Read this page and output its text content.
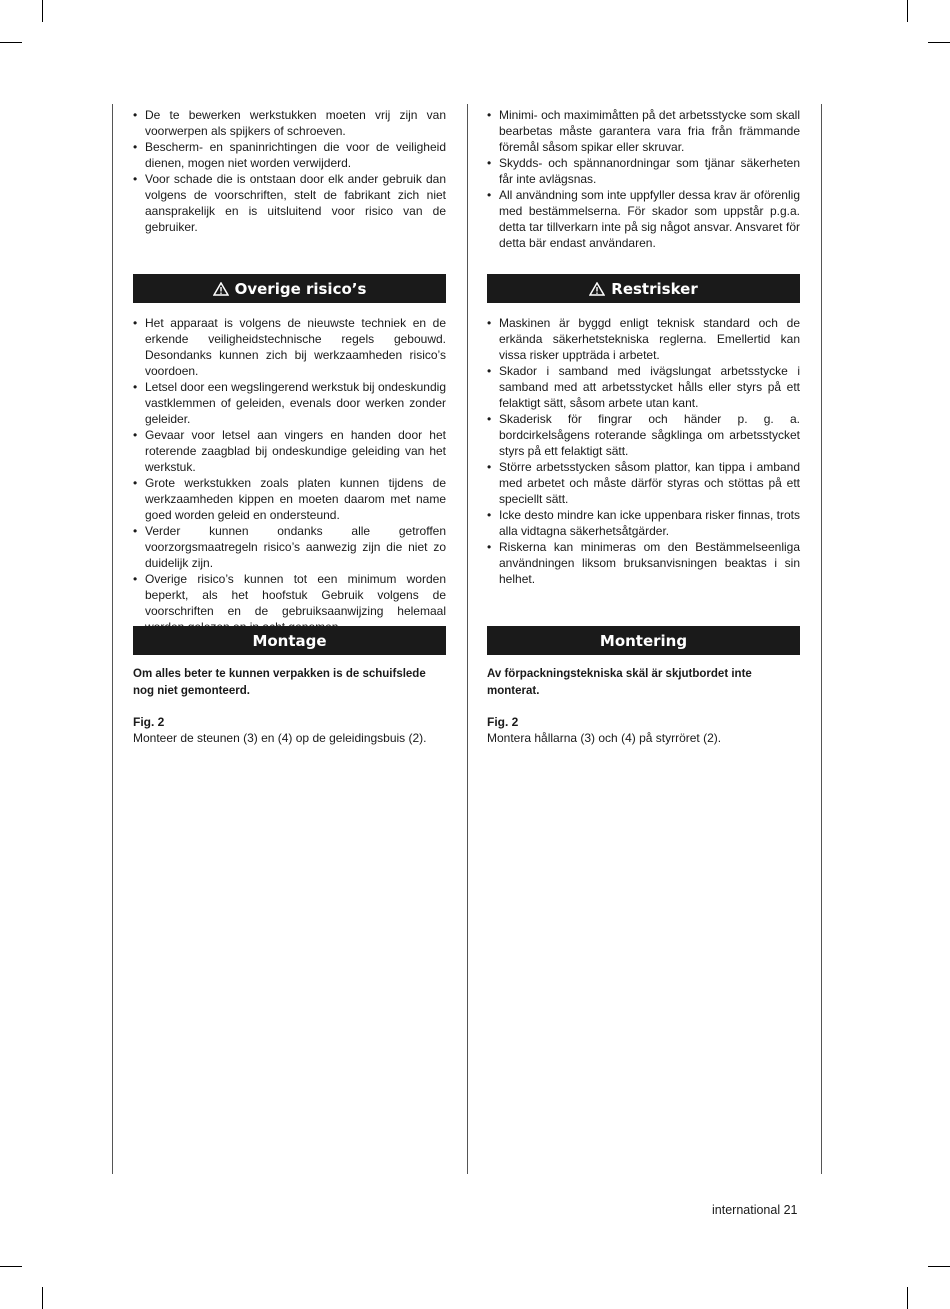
• De te bewerken werkstukken moeten vrij zijn van voorwerpen als spijkers of schroeven.
• Bescherm- en spaninrichtingen die voor de veiligheid dienen, mogen niet worden verwijderd.
• Voor schade die is ontstaan door elk ander gebruik dan volgens de voorschriften, stelt de fabrikant zich niet aansprakelijk en is uitsluitend voor risico van de gebruiker.
Overige risico’s
• Het apparaat is volgens de nieuwste techniek en de erkende veiligheidstechnische regels gebouwd. Desondanks kunnen zich bij werkzaamheden risico’s voordoen.
• Letsel door een wegslingerend werkstuk bij ondeskundig vastklemmen of geleiden, evenals door werken zonder geleider.
• Gevaar voor letsel aan vingers en handen door het roterende zaagblad bij ondeskundige geleiding van het werkstuk.
• Grote werkstukken zoals platen kunnen tijdens de werkzaamheden kippen en moeten daarom met name goed worden geleid en ondersteund.
• Verder kunnen ondanks alle getroffen voorzorgsmaatregeln risico’s aanwezig zijn die niet zo duidelijk zijn.
• Overige risico’s kunnen tot een minimum worden beperkt, als het hoofstuk Gebruik volgens de voorschriften en de gebruiksaanwijzing helemaal
Montage
Om alles beter te kunnen verpakken is de schuifslede nog niet gemonteerd.
Fig. 2
Monteer de steunen (3) en (4) op de geleidingsbuis (2).
• Minimi- och maximimåtten på det arbetsstycke som skall bearbetas måste garantera vara fria från främmande föremål såsom spikar eller skruvar.
• Skydds- och spännanordningar som tjänar säkerheten får inte avlägsnas.
• All användning som inte uppfyller dessa krav är oförenlig med bestämmelserna. För skador som uppstår p.g.a. detta tar tillverkarn inte på sig något ansvar. Ansvaret för detta bär endast användaren.
Restrisker
• Maskinen är byggd enligt teknisk standard och de erkända säkerhetstekniska reglerna. Emellertid kan vissa risker uppträda i arbetet.
• Skador i samband med ivägslungat arbetsstycke i samband med att arbetsstycket hålls eller styrs på ett felaktigt sätt, såsom arbete utan kant.
• Skaderisk för fingrar och händer p. g. a. bordcirkelsågens roterande sågklinga om arbetsstycket styrs på ett felaktigt sätt.
• Större arbetsstycken såsom plattor, kan tippa i amband med arbetet och måste därför styras och stöttas på ett speciellt sätt.
• Icke desto mindre kan icke uppenbara risker finnas, trots alla vidtagna säkerhetsåtgärder.
• Riskerna kan minimeras om den Bestämmelseenliga användningen liksom bruksanvisningen beaktas i sin helhet.
Montering
Av förpackningstekniska skäl är skjutbordet inte monterat.
Fig. 2
Montera hållarna (3) och (4) på styrröret (2).
international 21
